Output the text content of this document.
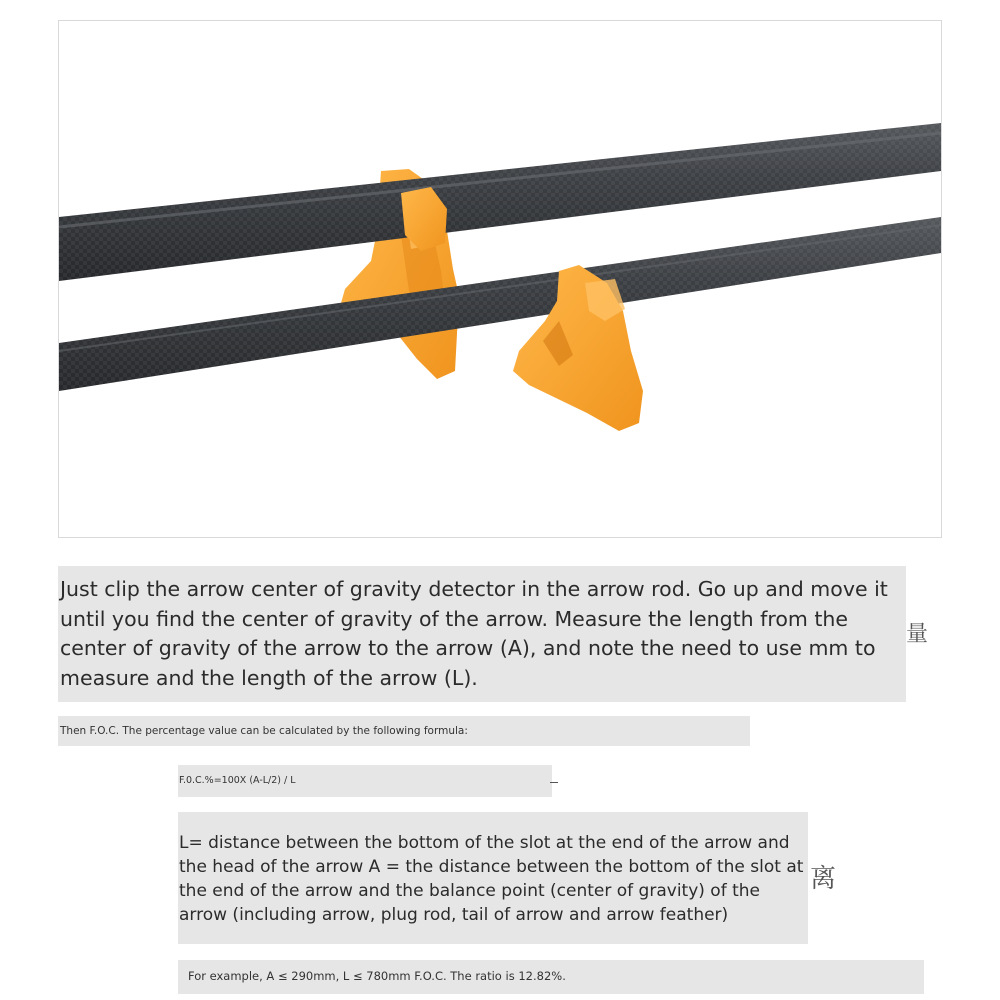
Just clip the arrow center of gravity detector in the arrow rod. Go up and move it until you find the center of gravity of the arrow. Measure the length from the center of gravity of the arrow to the arrow (A), and note the need to use mm to measure and the length of the arrow (L).

Then F.O.C. The percentage value can be calculated by the following formula:

F.0.C.%=100X (A-L/2) / L

L= distance between the bottom of the slot at the end of the arrow and the head of the arrow A = the distance between the bottom of the slot at the end of the arrow and the balance point (center of gravity) of the arrow (including arrow, plug rod, tail of arrow and arrow feather)

For example, A ≤ 290mm, L ≤ 780mm F.O.C. The ratio is 12.82%.

量
离
